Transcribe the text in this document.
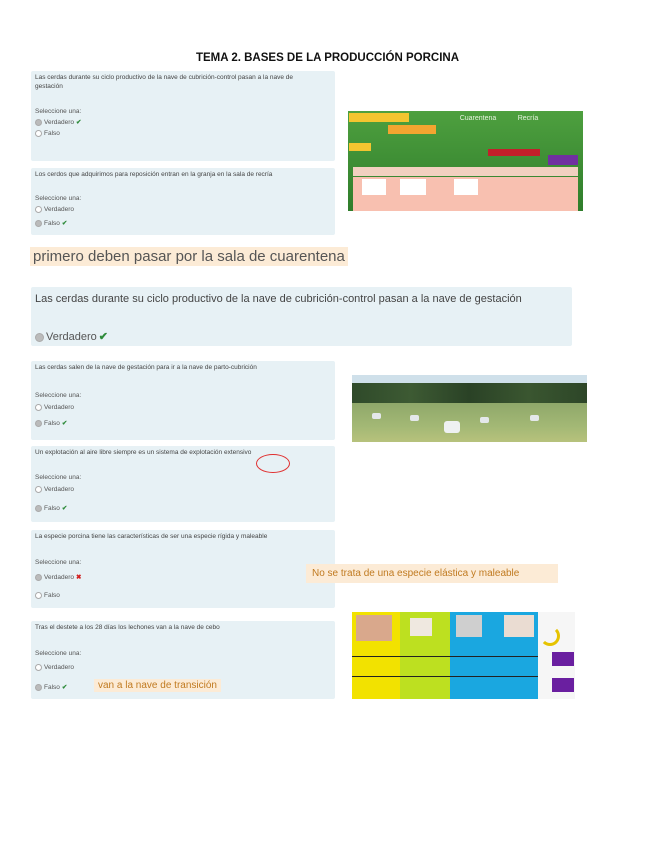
TEMA 2. BASES DE LA PRODUCCIÓN PORCINA
Las cerdas durante su ciclo productivo de la nave de cubrición-control pasan a la nave de
gestación
Seleccione una:
Verdadero ✔
Falso
Los cerdos que adquirimos para reposición entran en la granja en la sala de recría
Seleccione una:
Verdadero
Falso ✔
Cuarentena	Recría
primero deben pasar por la sala de cuarentena
Las cerdas durante su ciclo productivo de la nave de cubrición-control pasan a la nave de gestación
Verdadero ✔
Las cerdas salen de la nave de gestación para ir a la nave de parto-cubrición
Seleccione una:
Verdadero
Falso ✔
Un explotación al aire libre siempre es un sistema de explotación extensivo
Seleccione una:
Verdadero
Falso ✔
La especie porcina tiene las características de ser una especie rígida y maleable
Seleccione una:
Verdadero ✖
Falso
No se trata de una especie elástica y maleable
Tras el destete a los 28 días los lechones van a la nave de cebo
Seleccione una:
Verdadero
Falso ✔	van a la nave de transición
